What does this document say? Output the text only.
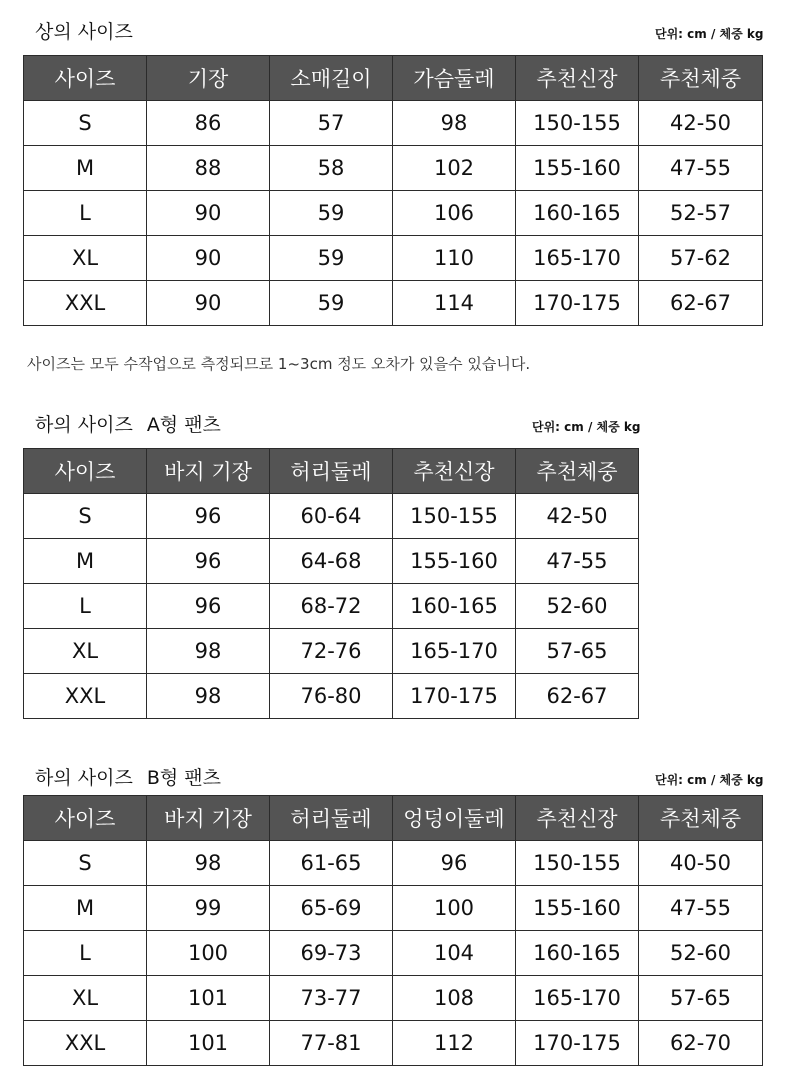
상의 사이즈	단위: cm / 체중 kg
사이즈	기장	소매길이	가슴둘레	추천신장	추천체중
S	86	57	98	150-155	42-50
M	88	58	102	155-160	47-55
L	90	59	106	160-165	52-57
XL	90	59	110	165-170	57-62
XXL	90	59	114	170-175	62-67
사이즈는 모두 수작업으로 측정되므로 1~3cm 정도 오차가 있을수 있습니다.
하의 사이즈 A형 팬츠	단위: cm / 체중 kg
사이즈	바지 기장	허리둘레	추천신장	추천체중
S	96	60-64	150-155	42-50
M	96	64-68	155-160	47-55
L	96	68-72	160-165	52-60
XL	98	72-76	165-170	57-65
XXL	98	76-80	170-175	62-67
하의 사이즈 B형 팬츠	단위: cm / 체중 kg
사이즈	바지 기장	허리둘레	엉덩이둘레	추천신장	추천체중
S	98	61-65	96	150-155	40-50
M	99	65-69	100	155-160	47-55
L	100	69-73	104	160-165	52-60
XL	101	73-77	108	165-170	57-65
XXL	101	77-81	112	170-175	62-70
